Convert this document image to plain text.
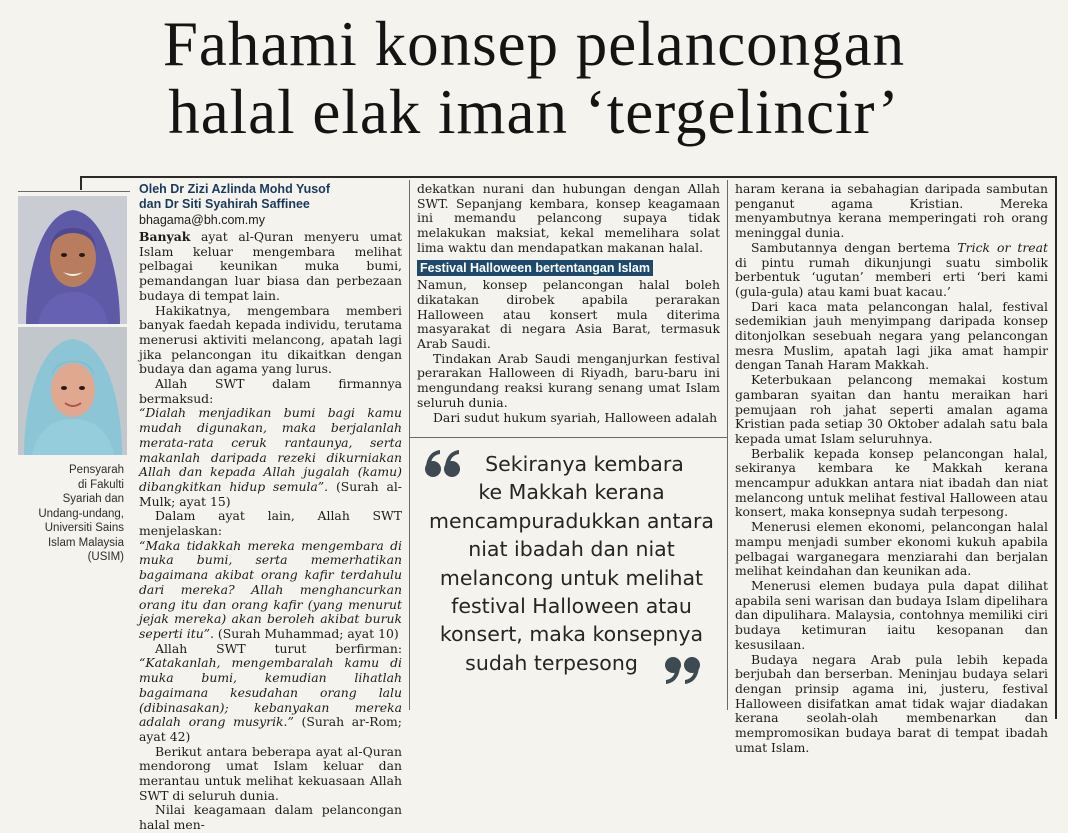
Fahami konsep pelancongan
halal elak iman ‘tergelincir’
Pensyarah
di Fakulti
Syariah dan
Undang-undang,
Universiti Sains
Islam Malaysia
(USIM)

Oleh Dr Zizi Azlinda Mohd Yusof

dan Dr Siti Syahirah Saffinee

bhagama@bh.com.my

Banyak ayat al-Quran menyeru umat Islam keluar mengembara melihat pelbagai keunikan muka bumi, pemandangan luar biasa dan perbezaan budaya di tempat lain.

Hakikatnya, mengembara memberi banyak faedah kepada individu, terutama menerusi aktiviti melancong, apatah lagi jika pelancongan itu dikaitkan dengan budaya dan agama yang lurus.

Allah SWT dalam firmannya bermaksud:

“Dialah menjadikan bumi bagi kamu mudah digunakan, maka berjalanlah merata-rata ceruk rantaunya, serta makanlah daripada rezeki dikurniakan Allah dan kepada Allah jugalah (kamu) dibangkitkan hidup semula”. (Surah al-Mulk; ayat 15)

Dalam ayat lain, Allah SWT menjelaskan:

“Maka tidakkah mereka mengembara di muka bumi, serta memerhatikan bagaimana akibat orang kafir terdahulu dari mereka? Allah menghancurkan orang itu dan orang kafir (yang menurut jejak mereka) akan beroleh akibat buruk seperti itu”. (Surah Muhammad; ayat 10)

Allah SWT turut berfirman: “Katakanlah, mengembaralah kamu di muka bumi, kemudian lihatlah bagaimana kesudahan orang lalu (dibinasakan); kebanyakan mereka adalah orang musyrik.” (Surah ar-Rom; ayat 42)

Berikut antara beberapa ayat al-Quran mendorong umat Islam keluar dan merantau untuk melihat kekuasaan Allah SWT di seluruh dunia.

Nilai keagamaan dalam pelancongan halal men-

dekatkan nurani dan hubungan dengan Allah SWT. Sepanjang kembara, konsep keagamaan ini memandu pelancong supaya tidak melakukan maksiat, kekal memelihara solat lima waktu dan mendapatkan makanan halal.

Festival Halloween bertentangan Islam

Namun, konsep pelancongan halal boleh dikatakan dirobek apabila perarakan Halloween atau konsert mula diterima masyarakat di negara Asia Barat, termasuk Arab Saudi.

Tindakan Arab Saudi menganjurkan festival perarakan Halloween di Riyadh, baru-baru ini mengundang reaksi kurang senang umat Islam seluruh dunia.

Dari sudut hukum syariah, Halloween adalah

Sekiranya kembara
ke Makkah kerana
mencampuradukkan antara
niat ibadah dan niat
melancong untuk melihat
festival Halloween atau
konsert, maka konsepnya
sudah terpesong

haram kerana ia sebahagian daripada sambutan penganut agama Kristian. Mereka menyambutnya kerana memperingati roh orang meninggal dunia.

Sambutannya dengan bertema Trick or treat di pintu rumah dikunjungi suatu simbolik berbentuk ‘ugutan’ memberi erti ‘beri kami (gula-gula) atau kami buat kacau.’

Dari kaca mata pelancongan halal, festival sedemikian jauh menyimpang daripada konsep ditonjolkan sesebuah negara yang pelancongan mesra Muslim, apatah lagi jika amat hampir dengan Tanah Haram Makkah.

Keterbukaan pelancong memakai kostum gambaran syaitan dan hantu meraikan hari pemujaan roh jahat seperti amalan agama Kristian pada setiap 30 Oktober adalah satu bala kepada umat Islam seluruhnya.

Berbalik kepada konsep pelancongan halal, sekiranya kembara ke Makkah kerana mencampur adukkan antara niat ibadah dan niat melancong untuk melihat festival Halloween atau konsert, maka konsepnya sudah terpesong.

Menerusi elemen ekonomi, pelancongan halal mampu menjadi sumber ekonomi kukuh apabila pelbagai warganegara menziarahi dan berjalan melihat keindahan dan keunikan ada.

Menerusi elemen budaya pula dapat dilihat apabila seni warisan dan budaya Islam dipelihara dan dipulihara. Malaysia, contohnya memiliki ciri budaya ketimuran iaitu kesopanan dan kesusilaan.

Budaya negara Arab pula lebih kepada berjubah dan berserban. Meninjau budaya selari dengan prinsip agama ini, justeru, festival Halloween disifatkan amat tidak wajar diadakan kerana seolah-olah membenarkan dan mempromosikan budaya barat di tempat ibadah umat Islam.
